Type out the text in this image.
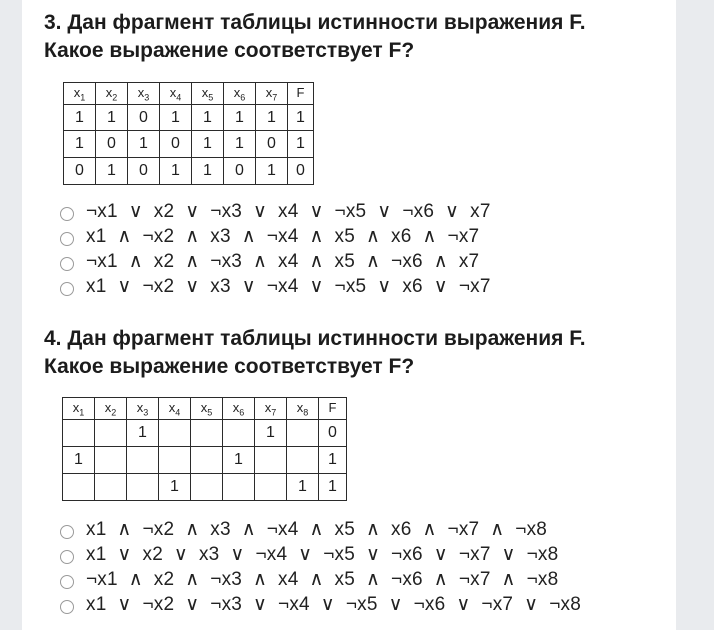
3. Дан фрагмент таблицы истинности выражения F.
Какое выражение соответствует F?
$x_1$	$x_2$	$x_3$	$x_4$	$x_5$	$x_6$	$x_7$	F
1	1	0	1	1	1	1	1
1	0	1	0	1	1	0	1
0	1	0	1	1	0	1	0
¬x1  ∨  x2  ∨  ¬x3  ∨  x4  ∨  ¬x5  ∨  ¬x6  ∨  x7
x1  ∧  ¬x2  ∧  x3  ∧  ¬x4  ∧  x5  ∧  x6  ∧  ¬x7
¬x1  ∧  x2  ∧  ¬x3  ∧  x4  ∧  x5  ∧  ¬x6  ∧  x7
x1  ∨  ¬x2  ∨  x3  ∨  ¬x4  ∨  ¬x5  ∨  x6  ∨  ¬x7
4. Дан фрагмент таблицы истинности выражения F.
Какое выражение соответствует F?
$x_1$	$x_2$	$x_3$	$x_4$	$x_5$	$x_6$	$x_7$	$x_8$	F
		1				1		0
1					1			1
			1				1	1
x1  ∧  ¬x2  ∧  x3  ∧  ¬x4  ∧  x5  ∧  x6  ∧  ¬x7  ∧  ¬x8
x1  ∨  x2  ∨  x3  ∨  ¬x4  ∨  ¬x5  ∨  ¬x6  ∨  ¬x7  ∨  ¬x8
¬x1  ∧  x2  ∧  ¬x3  ∧  x4  ∧  x5  ∧  ¬x6  ∧  ¬x7  ∧  ¬x8
x1  ∨  ¬x2  ∨  ¬x3  ∨  ¬x4  ∨  ¬x5  ∨  ¬x6  ∨  ¬x7  ∨  ¬x8
